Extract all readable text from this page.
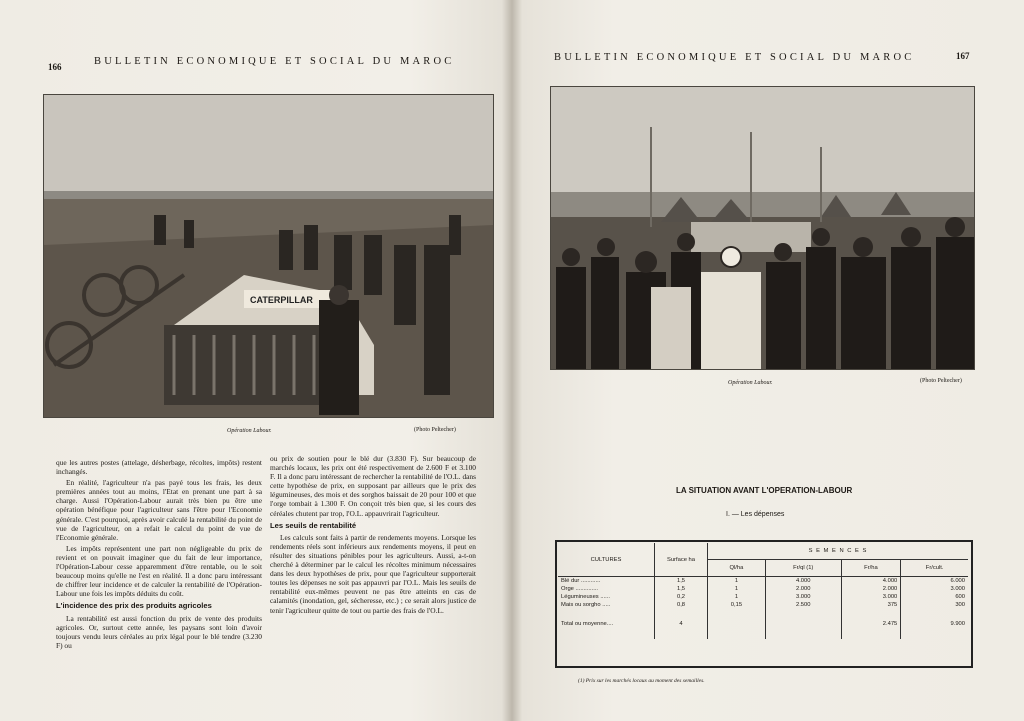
166	BULLETIN ECONOMIQUE ET SOCIAL DU MAROC
CATERPILLAR
Opération Labour.	(Photo Peltecher)

que les autres postes (attelage, désherbage, récoltes, impôts) restent inchangés.

En réalité, l'agriculteur n'a pas payé tous les frais, les deux premières années tout au moins, l'Etat en prenant une part à sa charge. Aussi l'Opération-Labour aurait très bien pu être une opération bénéfique pour l'agriculteur sans l'être pour l'Economie générale. C'est pourquoi, après avoir calculé la rentabilité du point de vue de l'agriculteur, on a refait le calcul du point de vue de l'Economie générale.

Les impôts représentent une part non négligeable du prix de revient et on pouvait imaginer que du fait de leur importance, l'Opération-Labour cesse apparemment d'être rentable, ou le soit beaucoup moins qu'elle ne l'est en réalité. Il a donc paru intéressant de chiffrer leur incidence et de calculer la rentabilité de l'Opération-Labour une fois les impôts déduits du coût.

L'incidence des prix des produits agricoles

La rentabilité est aussi fonction du prix de vente des produits agricoles. Or, surtout cette année, les paysans sont loin d'avoir toujours vendu leurs céréales au prix légal pour le blé tendre (3.230 F) ou

ou prix de soutien pour le blé dur (3.830 F). Sur beaucoup de marchés locaux, les prix ont été respectivement de 2.600 F et 3.100 F. Il a donc paru intéressant de rechercher la rentabilité de l'O.L. dans cette hypothèse de prix, en supposant par ailleurs que le prix des légumineuses, des mois et des sorghos baissait de 20 pour 100 et que l'orge tombait à 1.300 F. On conçoit très bien que, si les cours des céréales chutent par trop, l'O.L. appauvrirait l'agriculteur.

Les seuils de rentabilité

Les calculs sont faits à partir de rendements moyens. Lorsque les rendements réels sont inférieurs aux rendements moyens, il peut en résulter des situations pénibles pour les agriculteurs. Aussi, a-t-on cherché à déterminer par le calcul les récoltes minimum nécessaires dans les deux hypothèses de prix, pour que l'agriculteur supporterait toutes les dépenses ne soit pas appauvri par l'O.L. Mais les seuils de rentabilité eux-mêmes peuvent ne pas être atteints en cas de calamités (inondation, gel, sécheresse, etc.) ; ce serait alors justice de tenir l'agriculteur quitte de tout ou partie des frais de l'O.L.

BULLETIN ECONOMIQUE ET SOCIAL DU MAROC	167
Opération Labour.	(Photo Peltecher)
LA SITUATION AVANT L'OPERATION-LABOUR
I. — Les dépenses
CULTURES	Surface ha	S E M E N C E S			
		Ql/ha	Fr/ql (1)	Fr/ha	Fr/cult.
Blé dur ............	1,5	1	4.000	4.000	6.000
Orge ..............	1,5	1	2.000	2.000	3.000
Légumineuses ......	0,2	1	3.000	3.000	600
Mais ou sorgho .....	0,8	0,15	2.500	375	300
Total ou moyenne....	4			2.475	9.900
(1) Prix sur les marchés locaux au moment des semailles.
